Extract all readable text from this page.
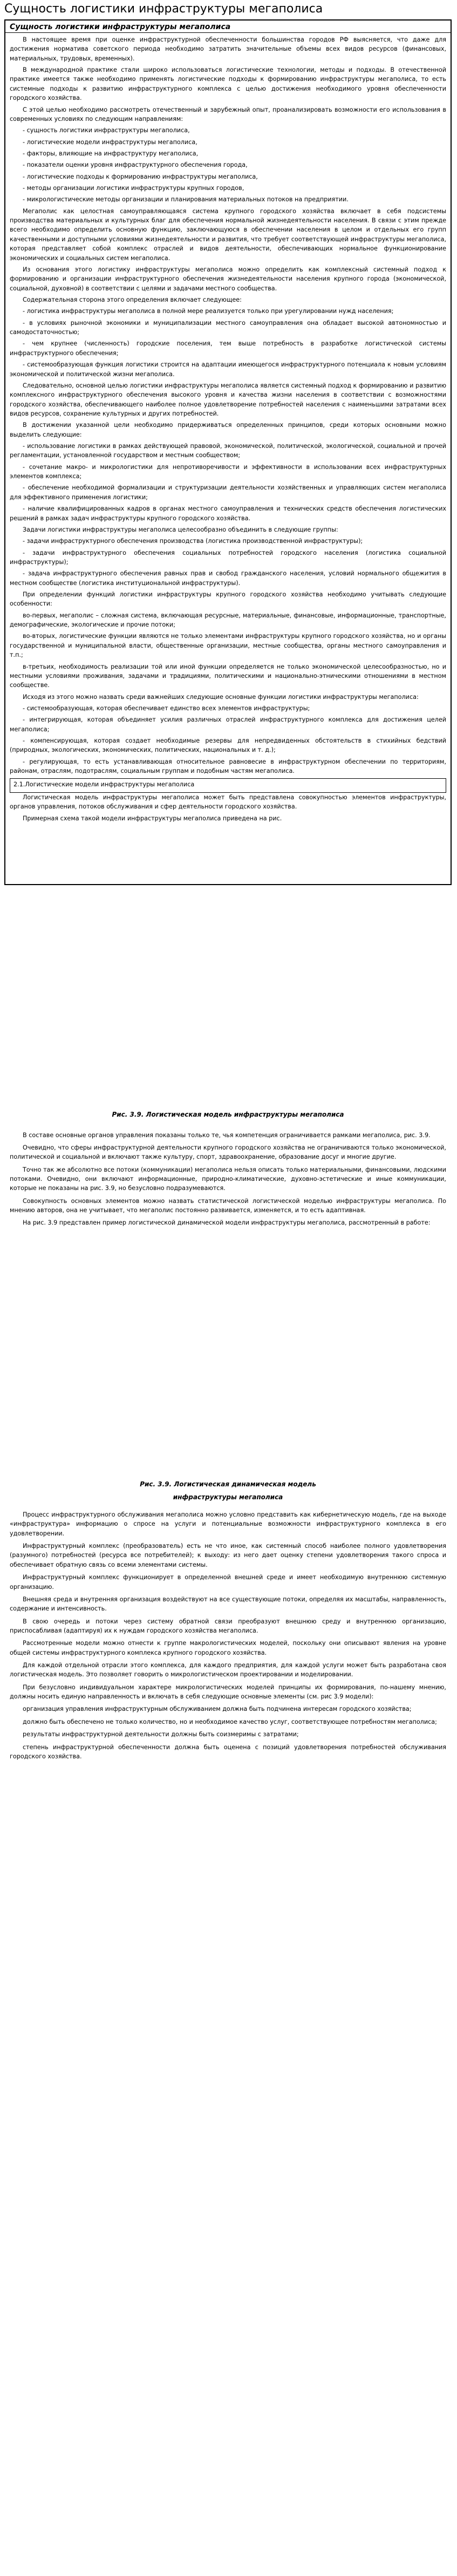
Сущность логистики инфраструктуры мегаполиса
Сущность логистики инфраструктуры мегаполиса

В настоящее время при оценке инфраструктурной обеспеченности большинства городов РФ выясняется, что даже для достижения норматива советского периода необходимо затратить значительные объемы всех видов ресурсов (финансовых, материальных, трудовых, временных).

В международной практике стали широко использоваться логистические технологии, методы и подходы. В отечественной практике имеется также необходимо применять логистические подходы к формированию инфраструктуры мегаполиса, то есть системные подходы к развитию инфраструктурного комплекса с целью достижения необходимого уровня обеспеченности городского хозяйства.

С этой целью необходимо рассмотреть отечественный и зарубежный опыт, проанализировать возможности его использования в современных условиях по следующим направлениям:

- сущность логистики инфраструктуры мегаполиса,

- логистические модели инфраструктуры мегаполиса,

- факторы, влияющие на инфраструктуру мегаполиса,

- показатели оценки уровня инфраструктурного обеспечения города,

- логистические подходы к формированию инфраструктуры мегаполиса,

- методы организации логистики инфраструктуры крупных городов,

- микрологистические методы организации и планирования материальных потоков на предприятии.

Мегаполис как целостная самоуправляющаяся система крупного городского хозяйства включает в себя подсистемы производства материальных и культурных благ для обеспечения нормальной жизнедеятельности населения. В связи с этим прежде всего необходимо определить основную функцию, заключающуюся в обеспечении населения в целом и отдельных его групп качественными и доступными условиями жизнедеятельности и развития, что требует соответствующей инфраструктуры мегаполиса, которая представляет собой комплекс отраслей и видов деятельности, обеспечивающих нормальное функционирование экономических и социальных систем мегаполиса.

Из основания этого логистику инфраструктуры мегаполиса можно определить как комплексный системный подход к формированию и организации инфраструктурного обеспечения жизнедеятельности населения крупного города (экономической, социальной, духовной) в соответствии с целями и задачами местного сообщества.

Содержательная сторона этого определения включает следующее:

- логистика инфраструктуры мегаполиса в полной мере реализуется только при урегулировании нужд населения;

- в условиях рыночной экономики и муниципализации местного самоуправления она обладает высокой автономностью и самодостаточностью;

- чем крупнее (численность) городские поселения, тем выше потребность в разработке логистической системы инфраструктурного обеспечения;

- системообразующая функция логистики строится на адаптации имеющегося инфраструктурного потенциала к новым условиям экономической и политической жизни мегаполиса.

Следовательно, основной целью логистики инфраструктуры мегаполиса является системный подход к формированию и развитию комплексного инфраструктурного обеспечения высокого уровня и качества жизни населения в соответствии с возможностями городского хозяйства, обеспечивающего наиболее полное удовлетворение потребностей населения с наименьшими затратами всех видов ресурсов, сохранение культурных и других потребностей.

В достижении указанной цели необходимо придерживаться определенных принципов, среди которых основными можно выделить следующие:

- использование логистики в рамках действующей правовой, экономической, политической, экологической, социальной и прочей регламентации, установленной государством и местным сообществом;

- сочетание макро- и микрологистики для непротиворечивости и эффективности в использовании всех инфраструктурных элементов комплекса;

- обеспечение необходимой формализации и структуризации деятельности хозяйственных и управляющих систем мегаполиса для эффективного применения логистики;

- наличие квалифицированных кадров в органах местного самоуправления и технических средств обеспечения логистических решений в рамках задач инфраструктуры крупного городского хозяйства.

Задачи логистики инфраструктуры мегаполиса целесообразно объединить в следующие группы:

- задачи инфраструктурного обеспечения производства (логистика производственной инфраструктуры);

- задачи инфраструктурного обеспечения социальных потребностей городского населения (логистика социальной инфраструктуры);

- задача инфраструктурного обеспечения равных прав и свобод гражданского населения, условий нормального общежития в местном сообществе (логистика институциональной инфраструктуры).

При определении функций логистики инфраструктуры крупного городского хозяйства необходимо учитывать следующие особенности:

во-первых, мегаполис – сложная система, включающая ресурсные, материальные, финансовые, информационные, транспортные, демографические, экологические и прочие потоки;

во-вторых, логистические функции являются не только элементами инфраструктуры крупного городского хозяйства, но и органы государственной и муниципальной власти, общественные организации, местные сообщества, органы местного самоуправления и т.п.;

в-третьих, необходимость реализации той или иной функции определяется не только экономической целесообразностью, но и местными условиями проживания, задачами и традициями, политическими и национально-этническими отношениями в местном сообществе.

Исходя из этого можно назвать среди важнейших следующие основные функции логистики инфраструктуры мегаполиса:

- системообразующая, которая обеспечивает единство всех элементов инфраструктуры;

- интегрирующая, которая объединяет усилия различных отраслей инфраструктурного комплекса для достижения целей мегаполиса;

- компенсирующая, которая создает необходимые резервы для непредвиденных обстоятельств в стихийных бедствий (природных, экологических, экономических, политических, национальных и т. д.);

- регулирующая, то есть устанавливающая относительное равновесие в инфраструктурном обеспечении по территориям, районам, отраслям, подотраслям, социальным группам и подобным частям мегаполиса.

2.1.Логистические модели инфраструктуры мегаполиса

Логистическая модель инфраструктуры мегаполиса может быть представлена совокупностью элементов инфраструктуры, органов управления, потоков обслуживания и сфер деятельности городского хозяйства.

Примерная схема такой модели инфраструктуры мегаполиса приведена на рис.

Рис. 3.9. Логистическая модель инфраструктуры мегаполиса

В составе основные органов управления показаны только те, чья компетенция ограничивается рамками мегаполиса, рис. 3.9.

Очевидно, что сферы инфраструктурной деятельности крупного городского хозяйства не ограничиваются только экономической, политической и социальной и включают также культуру, спорт, здравоохранение, образование досуг и многие другие.

Точно так же абсолютно все потоки (коммуникации) мегаполиса нельзя описать только материальными, финансовыми, людскими потоками. Очевидно, они включают информационные, природно-климатические, духовно-эстетические и иные коммуникации, которые не показаны на рис. 3.9, но безусловно подразумеваются.

Совокупность основных элементов можно назвать статистической логистической моделью инфраструктуры мегаполиса. По мнению авторов, она не учитывает, что мегаполис постоянно развивается, изменяется, и то есть адаптивная.

На рис. 3.9 представлен пример логистической динамической модели инфраструктуры мегаполиса, рассмотренный в работе:

Рис. 3.9. Логистическая динамическая модель

инфраструктуры мегаполиса

Процесс инфраструктурного обслуживания мегаполиса можно условно представить как кибернетическую модель, где на выходе «инфраструктура» информацию о спросе на услуги и потенциальные возможности инфраструктурного комплекса в его удовлетворении.

Инфраструктурный комплекс (преобразователь) есть не что иное, как системный способ наиболее полного удовлетворения (разумного) потребностей (ресурса все потребителей); к выходу: из него дает оценку степени удовлетворения такого спроса и обеспечивает обратную связь со всеми элементами системы.

Инфраструктурный комплекс функционирует в определенной внешней среде и имеет необходимую внутреннюю системную организацию.

Внешняя среда и внутренняя организация воздействуют на все существующие потоки, определяя их масштабы, направленность, содержание и интенсивность.

В свою очередь и потоки через систему обратной связи преобразуют внешнюю среду и внутреннюю организацию, приспосабливая (адаптируя) их к нуждам городского хозяйства мегаполиса.

Рассмотренные модели можно отнести к группе макрологистических моделей, поскольку они описывают явления на уровне общей системы инфраструктурного комплекса крупного городского хозяйства.

Для каждой отдельной отрасли этого комплекса, для каждого предприятия, для каждой услуги может быть разработана своя логистическая модель. Это позволяет говорить о микрологистическом проектировании и моделировании.

При безусловно индивидуальном характере микрологистических моделей принципы их формирования, по-нашему мнению, должны носить единую направленность и включать в себя следующие основные элементы (см. рис 3.9 модели):

организация управления инфраструктурным обслуживанием должна быть подчинена интересам городского хозяйства;

должно быть обеспечено не только количество, но и необходимое качество услуг, соответствующее потребностям мегаполиса;

результаты инфраструктурной деятельности должны быть соизмеримы с затратами;

степень инфраструктурной обеспеченности должна быть оценена с позиций удовлетворения потребностей обслуживания городского хозяйства.
